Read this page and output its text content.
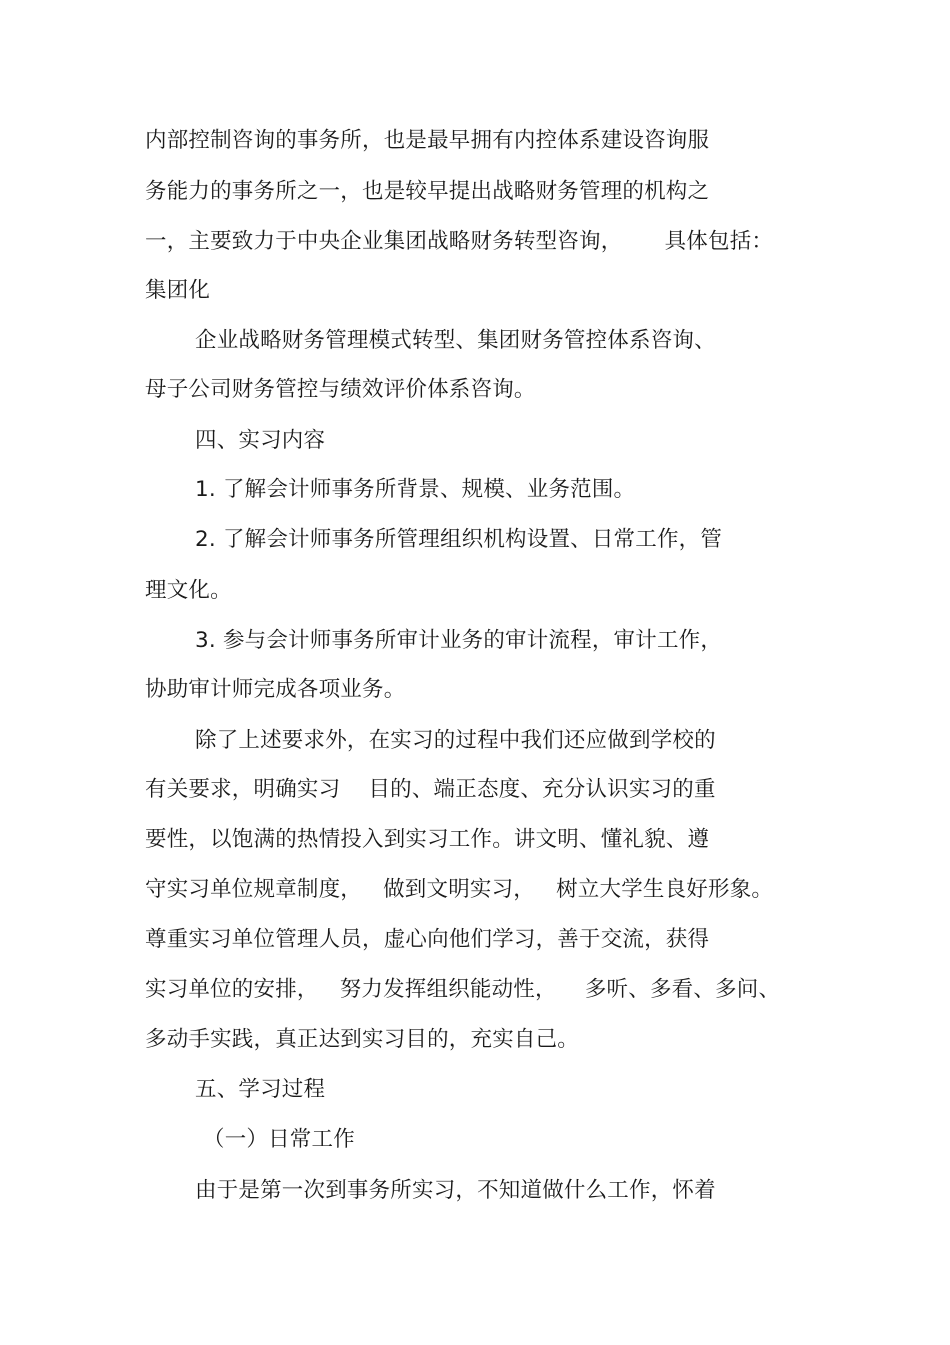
内部控制咨询的事务所，也是最早拥有内控体系建设咨询服
务能力的事务所之一，也是较早提出战略财务管理的机构之
一，主要致力于中央企业集团战略财务转型咨询，      具体包括：
集团化
企业战略财务管理模式转型、集团财务管控体系咨询、
母子公司财务管控与绩效评价体系咨询。
四、实习内容
1. 了解会计师事务所背景、规模、业务范围。
2. 了解会计师事务所管理组织机构设置、日常工作，管
理文化。
3. 参与会计师事务所审计业务的审计流程，审计工作，
协助审计师完成各项业务。
除了上述要求外，在实习的过程中我们还应做到学校的
有关要求，明确实习    目的、端正态度、充分认识实习的重
要性，以饱满的热情投入到实习工作。讲文明、懂礼貌、遵
守实习单位规章制度，   做到文明实习，   树立大学生良好形象。
尊重实习单位管理人员，虚心向他们学习，善于交流，获得
实习单位的安排，   努力发挥组织能动性，    多听、多看、多问、
多动手实践，真正达到实习目的，充实自己。
五、学习过程
（一）日常工作
由于是第一次到事务所实习，不知道做什么工作，怀着
